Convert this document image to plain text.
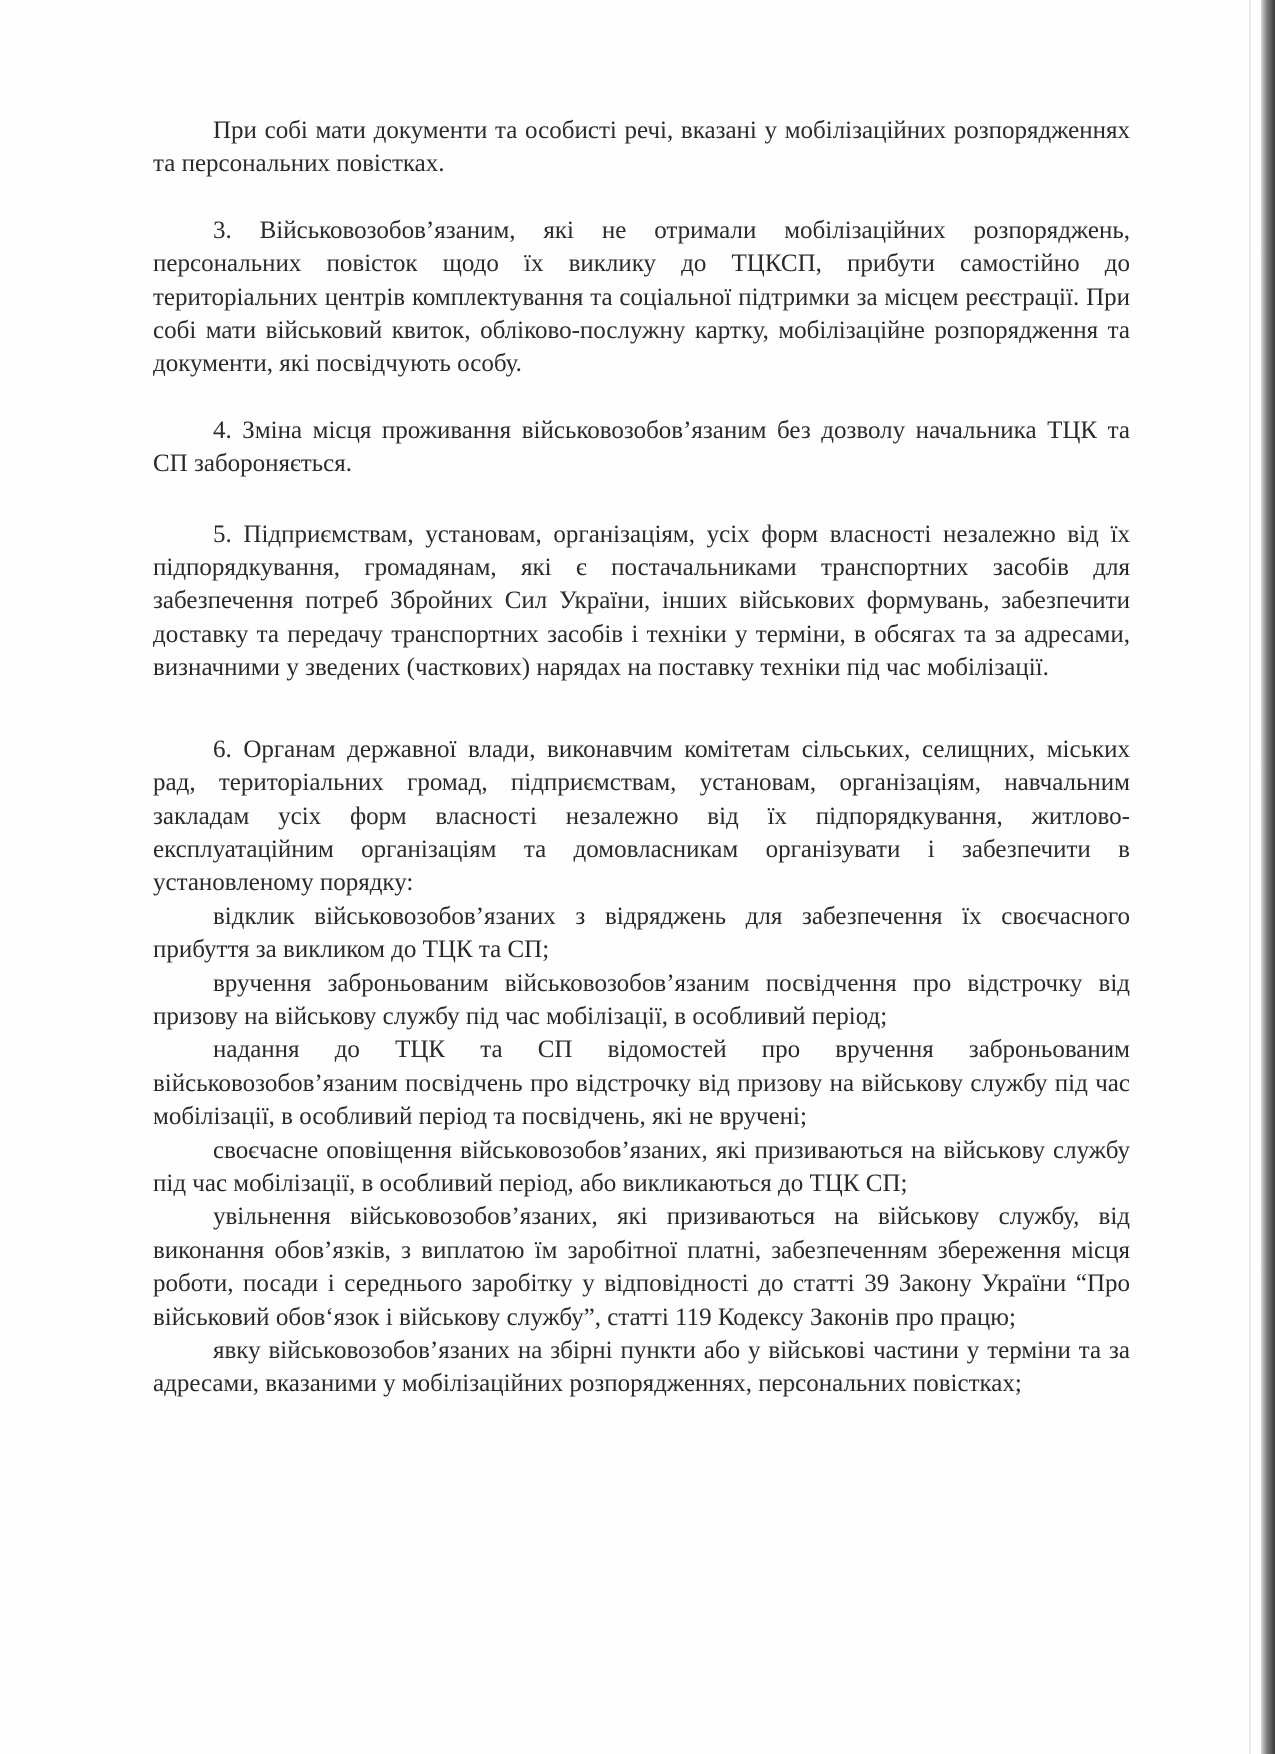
При собі мати документи та особисті речі, вказані у мобілізаційних розпорядженнях та персональних повістках.

3. Військовозобов’язаним, які не отримали мобілізаційних розпоряджень, персональних повісток щодо їх виклику до ТЦКСП, прибути самостійно до територіальних центрів комплектування та соціальної підтримки за місцем реєстрації. При собі мати військовий квиток, обліково-послужну картку, мобілізаційне розпорядження та документи, які посвідчують особу.

4. Зміна місця проживання військовозобов’язаним без дозволу начальника ТЦК та СП забороняється.

5. Підприємствам, установам, організаціям, усіх форм власності незалежно від їх підпорядкування, громадянам, які є постачальниками транспортних засобів для забезпечення потреб Збройних Сил України, інших військових формувань, забезпечити доставку та передачу транспортних засобів і техніки у терміни, в обсягах та за адресами, визначними у зведених (часткових) нарядах на поставку техніки під час мобілізації.

6. Органам державної влади, виконавчим комітетам сільських, селищних, міських рад, територіальних громад, підприємствам, установам, організаціям, навчальним закладам усіх форм власності незалежно від їх підпорядкування, житлово-експлуатаційним організаціям та домовласникам організувати і забезпечити в установленому порядку:

відклик військовозобов’язаних з відряджень для забезпечення їх своєчасного прибуття за викликом до ТЦК та СП;

вручення заброньованим військовозобов’язаним посвідчення про відстрочку від призову на військову службу під час мобілізації, в особливий період;

надання до ТЦК та СП відомостей про вручення заброньованим військовозобов’язаним посвідчень про відстрочку від призову на військову службу під час мобілізації, в особливий період та посвідчень, які не вручені;

своєчасне оповіщення військовозобов’язаних, які призиваються на військову службу під час мобілізації, в особливий період, або викликаються до ТЦК СП;

увільнення військовозобов’язаних, які призиваються на військову службу, від виконання обов’язків, з виплатою їм заробітної платні, забезпеченням збереження місця роботи, посади і середнього заробітку у відповідності до статті 39 Закону України “Про військовий обов‘язок і військову службу”, статті 119 Кодексу Законів про працю;

явку військовозобов’язаних на збірні пункти або у військові частини у терміни та за адресами, вказаними у мобілізаційних розпорядженнях, персональних повістках;
